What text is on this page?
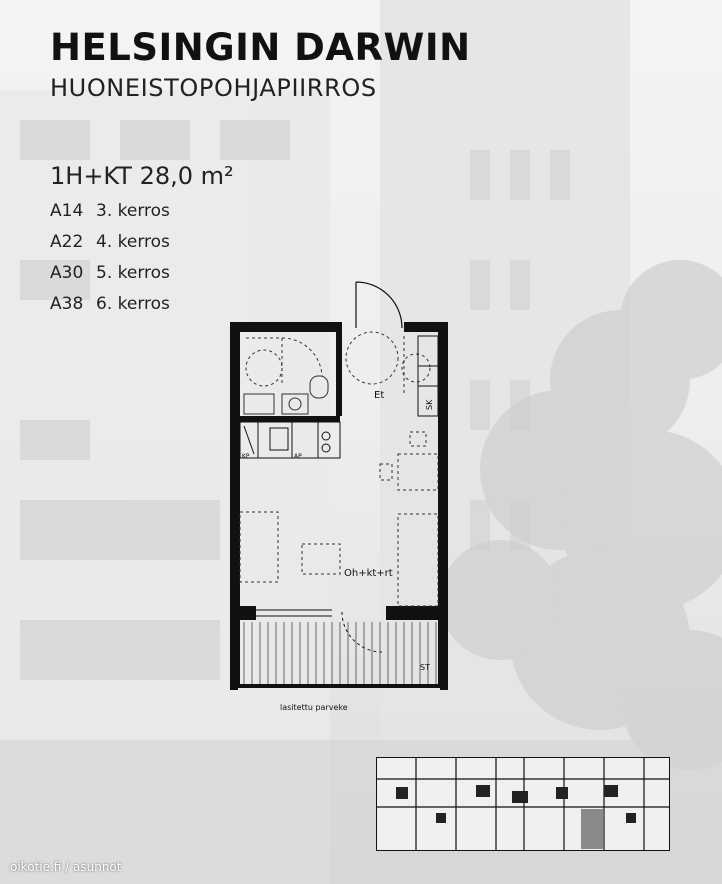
HELSINGIN DARWIN
HUONEISTOPOHJAPIIRROS
1H+KT 28,0 m²
A14 3. kerros
A22 4. kerros
A30 5. kerros
A38 6. kerros
SK
Et
KP	AP
Oh+kt+rt
ST
lasitettu parveke
oikotie.fi / asunnot
